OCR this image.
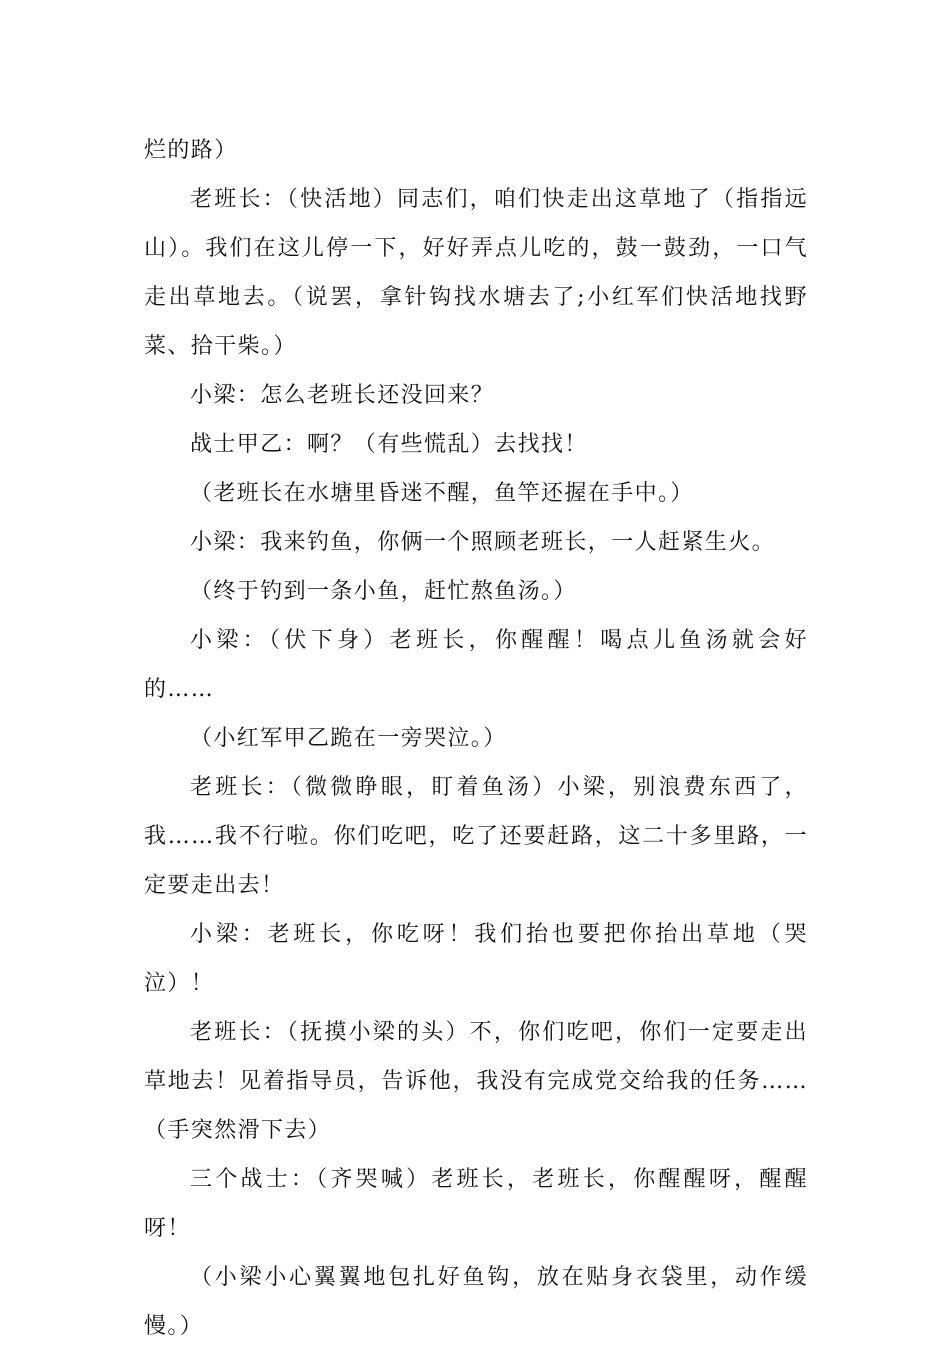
烂的路）

老班长：（快活地）同志们，咱们快走出这草地了（指指远山）。我们在这儿停一下，好好弄点儿吃的，鼓一鼓劲，一口气走出草地去。（说罢，拿针钩找水塘去了;小红军们快活地找野菜、拾干柴。）

小梁：怎么老班长还没回来？

战士甲乙：啊？（有些慌乱）去找找！

（老班长在水塘里昏迷不醒，鱼竿还握在手中。）

小梁：我来钓鱼，你俩一个照顾老班长，一人赶紧生火。

（终于钓到一条小鱼，赶忙熬鱼汤。）

小梁：（伏下身）老班长，你醒醒！喝点儿鱼汤就会好的……

（小红军甲乙跪在一旁哭泣。）

老班长：（微微睁眼，盯着鱼汤）小梁，别浪费东西了，我……我不行啦。你们吃吧，吃了还要赶路，这二十多里路，一定要走出去！

小梁：老班长，你吃呀！我们抬也要把你抬出草地（哭泣）！

老班长：（抚摸小梁的头）不，你们吃吧，你们一定要走出草地去！见着指导员，告诉他，我没有完成党交给我的任务……（手突然滑下去）

三个战士：（齐哭喊）老班长，老班长，你醒醒呀，醒醒呀！

（小梁小心翼翼地包扎好鱼钩，放在贴身衣袋里，动作缓慢。）
